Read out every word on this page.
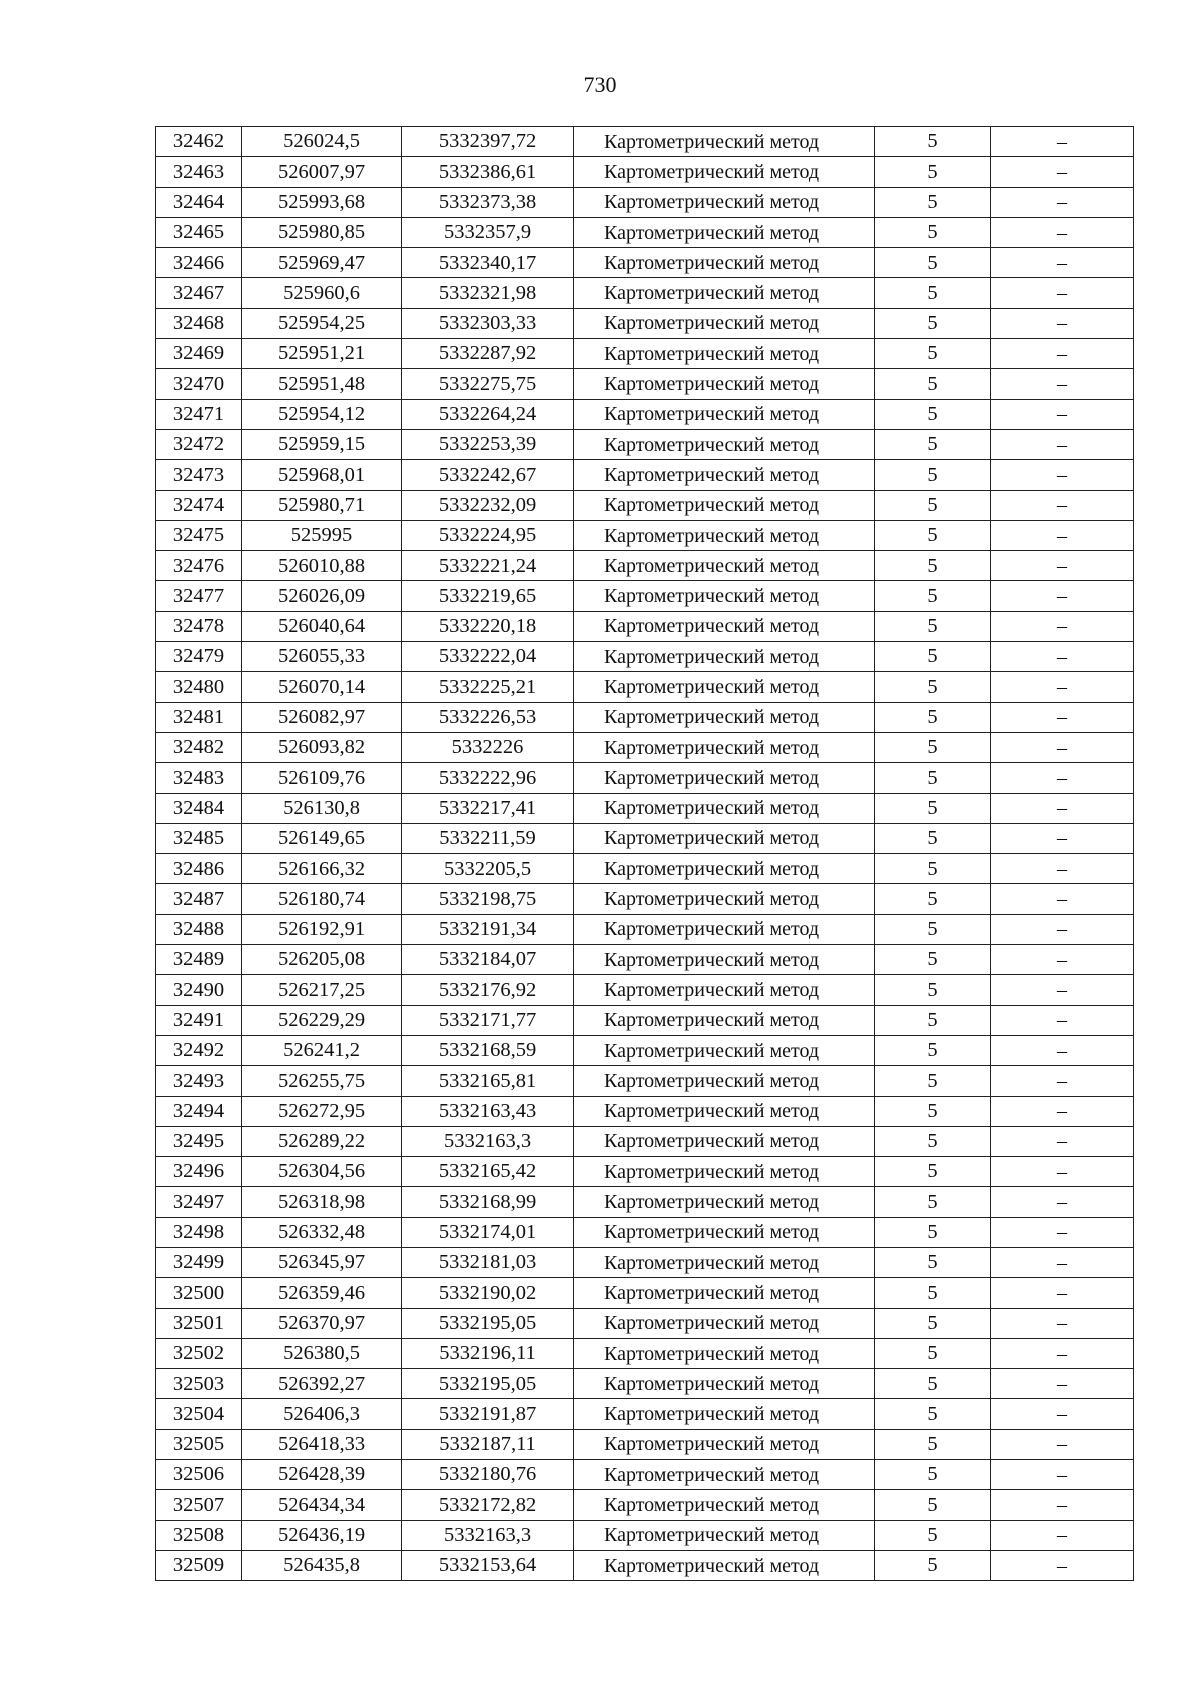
730
32462	526024,5	5332397,72	Картометрический метод	5	–
32463	526007,97	5332386,61	Картометрический метод	5	–
32464	525993,68	5332373,38	Картометрический метод	5	–
32465	525980,85	5332357,9	Картометрический метод	5	–
32466	525969,47	5332340,17	Картометрический метод	5	–
32467	525960,6	5332321,98	Картометрический метод	5	–
32468	525954,25	5332303,33	Картометрический метод	5	–
32469	525951,21	5332287,92	Картометрический метод	5	–
32470	525951,48	5332275,75	Картометрический метод	5	–
32471	525954,12	5332264,24	Картометрический метод	5	–
32472	525959,15	5332253,39	Картометрический метод	5	–
32473	525968,01	5332242,67	Картометрический метод	5	–
32474	525980,71	5332232,09	Картометрический метод	5	–
32475	525995	5332224,95	Картометрический метод	5	–
32476	526010,88	5332221,24	Картометрический метод	5	–
32477	526026,09	5332219,65	Картометрический метод	5	–
32478	526040,64	5332220,18	Картометрический метод	5	–
32479	526055,33	5332222,04	Картометрический метод	5	–
32480	526070,14	5332225,21	Картометрический метод	5	–
32481	526082,97	5332226,53	Картометрический метод	5	–
32482	526093,82	5332226	Картометрический метод	5	–
32483	526109,76	5332222,96	Картометрический метод	5	–
32484	526130,8	5332217,41	Картометрический метод	5	–
32485	526149,65	5332211,59	Картометрический метод	5	–
32486	526166,32	5332205,5	Картометрический метод	5	–
32487	526180,74	5332198,75	Картометрический метод	5	–
32488	526192,91	5332191,34	Картометрический метод	5	–
32489	526205,08	5332184,07	Картометрический метод	5	–
32490	526217,25	5332176,92	Картометрический метод	5	–
32491	526229,29	5332171,77	Картометрический метод	5	–
32492	526241,2	5332168,59	Картометрический метод	5	–
32493	526255,75	5332165,81	Картометрический метод	5	–
32494	526272,95	5332163,43	Картометрический метод	5	–
32495	526289,22	5332163,3	Картометрический метод	5	–
32496	526304,56	5332165,42	Картометрический метод	5	–
32497	526318,98	5332168,99	Картометрический метод	5	–
32498	526332,48	5332174,01	Картометрический метод	5	–
32499	526345,97	5332181,03	Картометрический метод	5	–
32500	526359,46	5332190,02	Картометрический метод	5	–
32501	526370,97	5332195,05	Картометрический метод	5	–
32502	526380,5	5332196,11	Картометрический метод	5	–
32503	526392,27	5332195,05	Картометрический метод	5	–
32504	526406,3	5332191,87	Картометрический метод	5	–
32505	526418,33	5332187,11	Картометрический метод	5	–
32506	526428,39	5332180,76	Картометрический метод	5	–
32507	526434,34	5332172,82	Картометрический метод	5	–
32508	526436,19	5332163,3	Картометрический метод	5	–
32509	526435,8	5332153,64	Картометрический метод	5	–
